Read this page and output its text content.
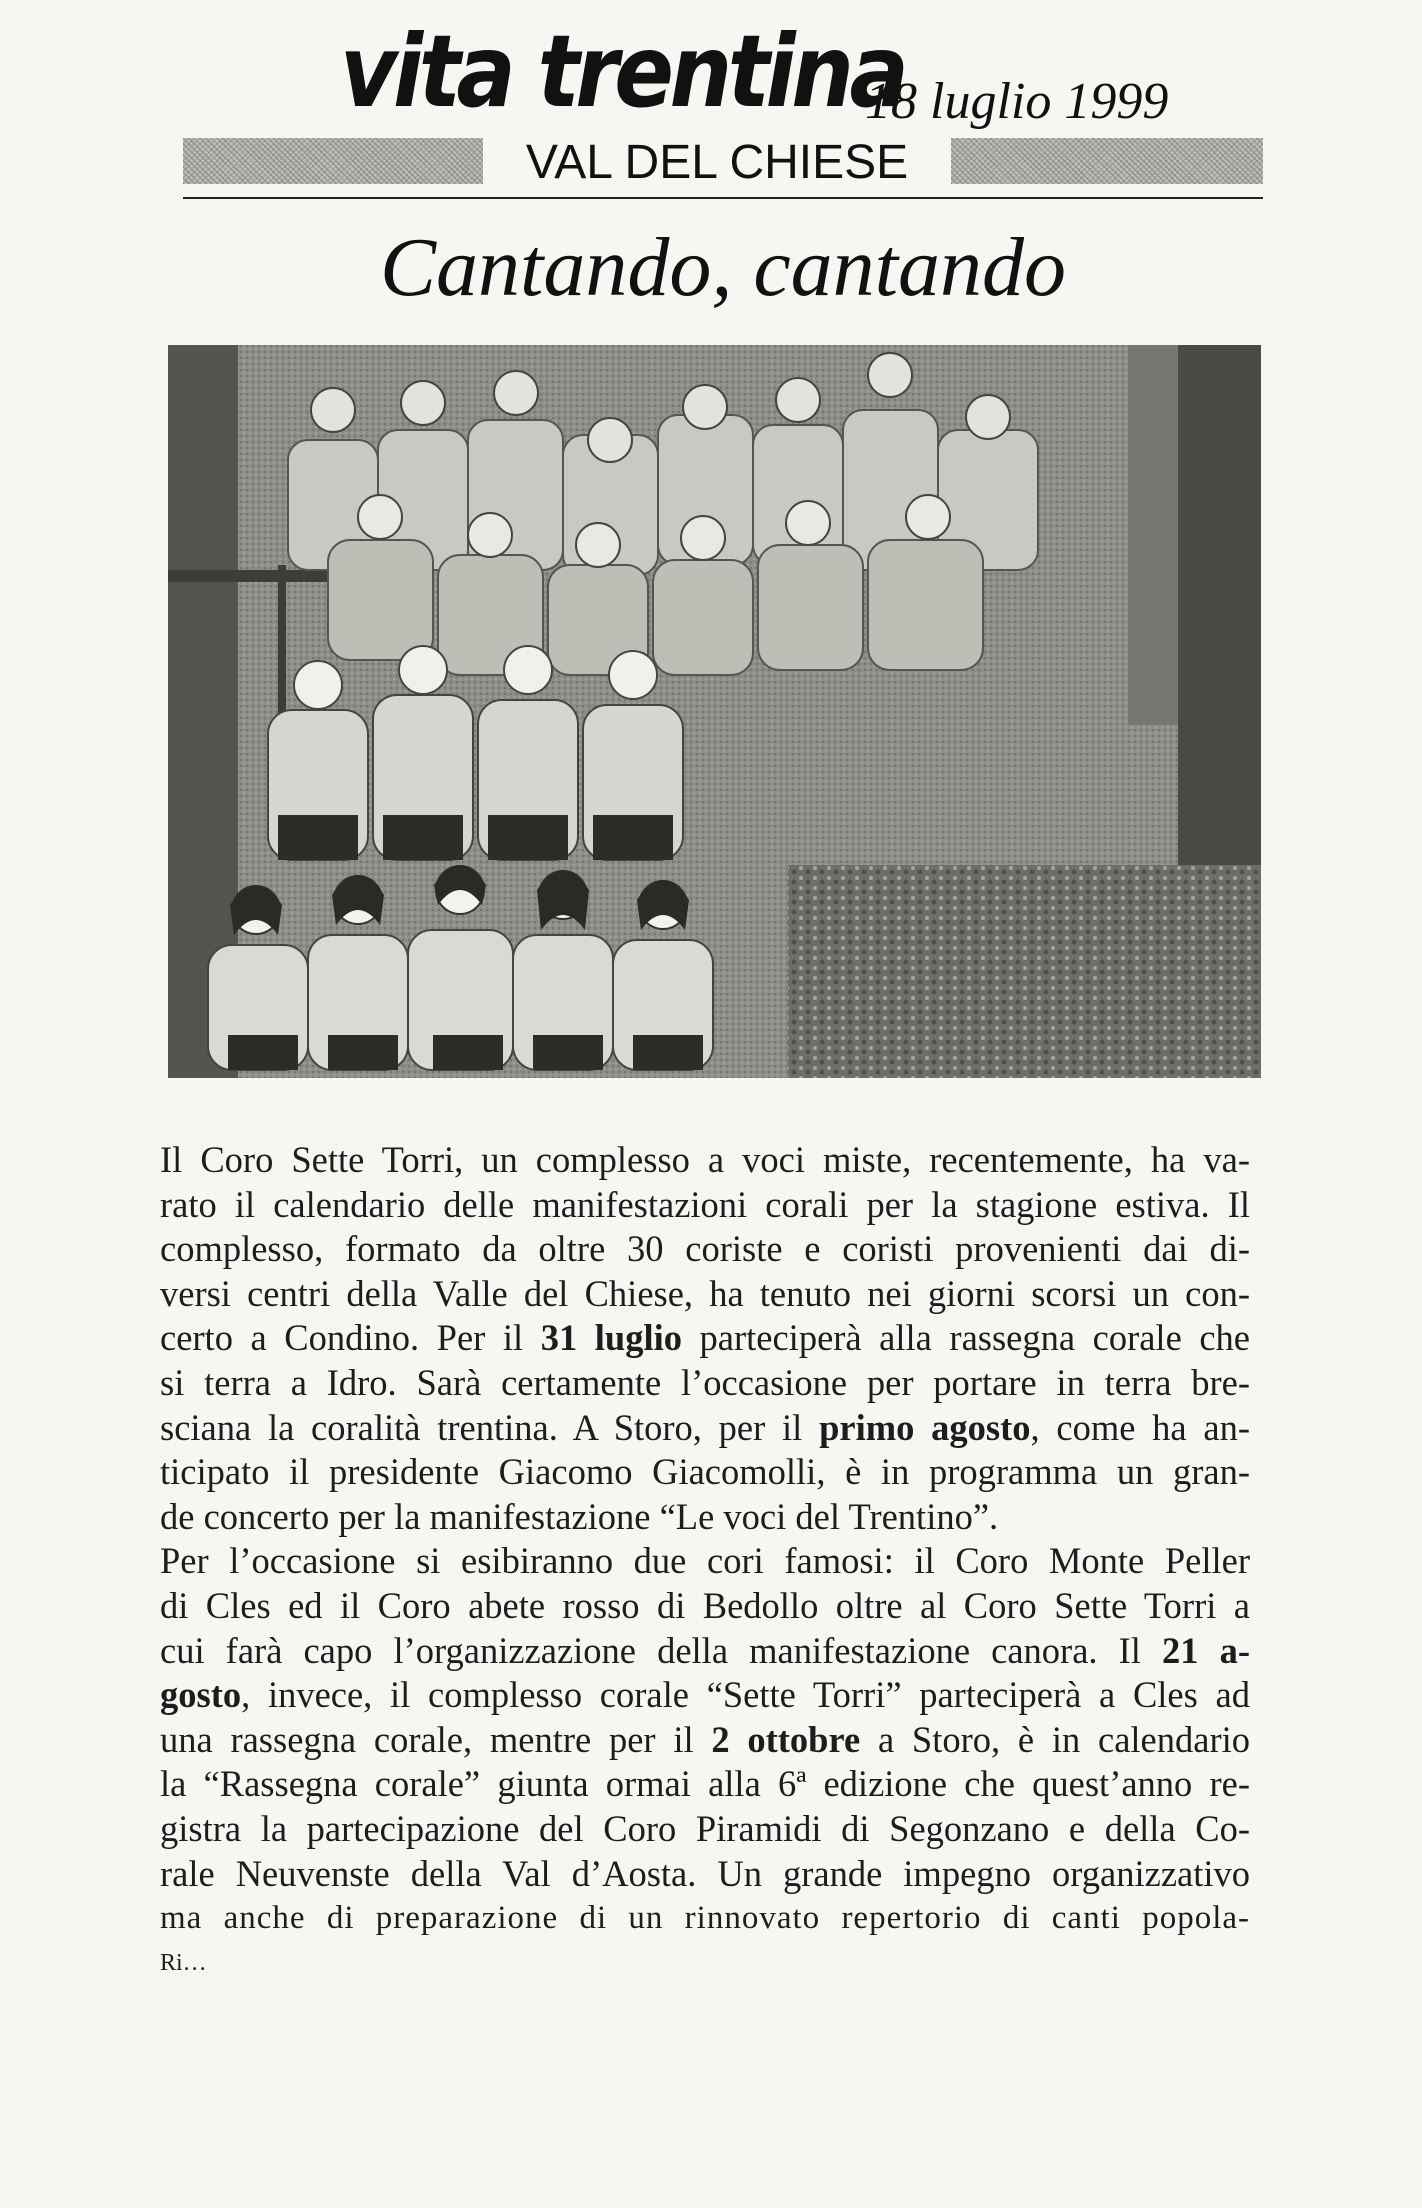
vita trentina
18 luglio 1999
VAL DEL CHIESE
Cantando, cantando
Il Coro Sette Torri, un complesso a voci miste, recentemente, ha va-
rato il calendario delle manifestazioni corali per la stagione estiva. Il
complesso, formato da oltre 30 coriste e coristi provenienti dai di-
versi centri della Valle del Chiese, ha tenuto nei giorni scorsi un con-
certo a Condino. Per il 31 luglio parteciperà alla rassegna corale che
si terra a Idro. Sarà certamente l’occasione per portare in terra bre-
sciana la coralità trentina. A Storo, per il primo agosto, come ha an-
ticipato il presidente Giacomo Giacomolli, è in programma un gran-
de concerto per la manifestazione “Le voci del Trentino”.
Per l’occasione si esibiranno due cori famosi: il Coro Monte Peller
di Cles ed il Coro abete rosso di Bedollo oltre al Coro Sette Torri a
cui farà capo l’organizzazione della manifestazione canora. Il 21 a-
gosto, invece, il complesso corale “Sette Torri” parteciperà a Cles ad
una rassegna corale, mentre per il 2 ottobre a Storo, è in calendario
la “Rassegna corale” giunta ormai alla 6ª edizione che quest’anno re-
gistra la partecipazione del Coro Piramidi di Segonzano e della Co-
rale Neuvenste della Val d’Aosta. Un grande impegno organizzativo
ma anche di preparazione di un rinnovato repertorio di canti popola-
Ri…
